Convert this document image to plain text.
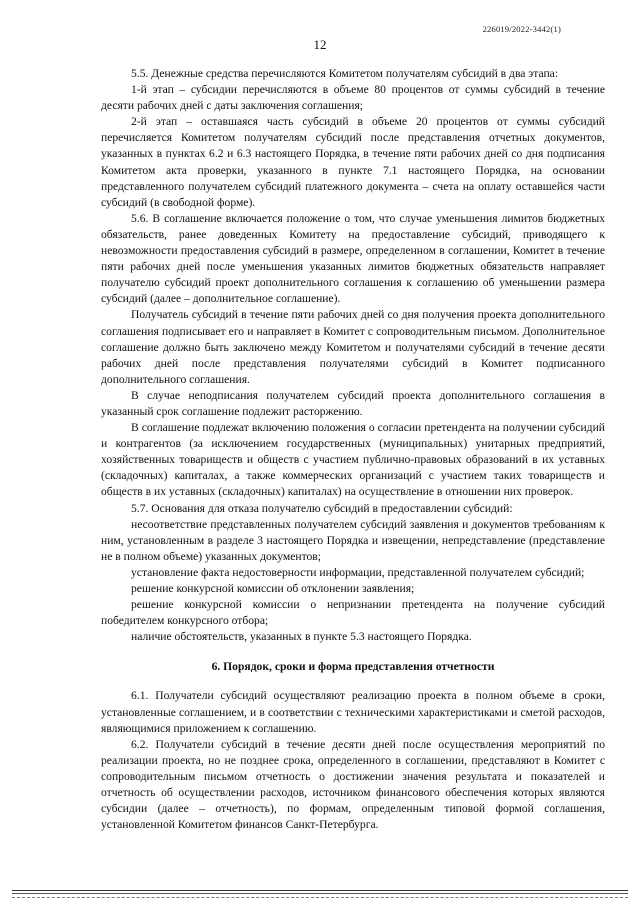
226019/2022-3442(1)
12

5.5. Денежные средства перечисляются Комитетом получателям субсидий в два этапа:

1-й этап – субсидии перечисляются в объеме 80 процентов от суммы субсидий в течение десяти рабочих дней с даты заключения соглашения;

2-й этап – оставшаяся часть субсидий в объеме 20 процентов от суммы субсидий перечисляется Комитетом получателям субсидий после представления отчетных документов, указанных в пунктах 6.2 и 6.3 настоящего Порядка, в течение пяти рабочих дней со дня подписания Комитетом акта проверки, указанного в пункте 7.1 настоящего Порядка, на основании представленного получателем субсидий платежного документа – счета на оплату оставшейся части субсидий (в свободной форме).

5.6. В соглашение включается положение о том, что случае уменьшения лимитов бюджетных обязательств, ранее доведенных Комитету на предоставление субсидий, приводящего к невозможности предоставления субсидий в размере, определенном в соглашении, Комитет в течение пяти рабочих дней после уменьшения указанных лимитов бюджетных обязательств направляет получателю субсидий проект дополнительного соглашения к соглашению об уменьшении размера субсидий (далее – дополнительное соглашение).

Получатель субсидий в течение пяти рабочих дней со дня получения проекта дополнительного соглашения подписывает его и направляет в Комитет с сопроводительным письмом. Дополнительное соглашение должно быть заключено между Комитетом и получателями субсидий в течение десяти рабочих дней после представления получателями субсидий в Комитет подписанного дополнительного соглашения.

В случае неподписания получателем субсидий проекта дополнительного соглашения в указанный срок соглашение подлежит расторжению.

В соглашение подлежат включению положения о согласии претендента на получении субсидий и контрагентов (за исключением государственных (муниципальных) унитарных предприятий, хозяйственных товариществ и обществ с участием публично-правовых образований в их уставных (складочных) капиталах, а также коммерческих организаций с участием таких товариществ и обществ в их уставных (складочных) капиталах) на осуществление в отношении них проверок.

5.7. Основания для отказа получателю субсидий в предоставлении субсидий:

несоответствие представленных получателем субсидий заявления и документов требованиям к ним, установленным в разделе 3 настоящего Порядка и извещении, непредставление (представление не в полном объеме) указанных документов;

установление факта недостоверности информации, представленной получателем субсидий;

решение конкурсной комиссии об отклонении заявления;

решение конкурсной комиссии о непризнании претендента на получение субсидий победителем конкурсного отбора;

наличие обстоятельств, указанных в пункте 5.3 настоящего Порядка.

6. Порядок, сроки и форма представления отчетности

6.1. Получатели субсидий осуществляют реализацию проекта в полном объеме в сроки, установленные соглашением, и в соответствии с техническими характеристиками и сметой расходов, являющимися приложением к соглашению.

6.2. Получатели субсидий в течение десяти дней после осуществления мероприятий по реализации проекта, но не позднее срока, определенного в соглашении, представляют в Комитет с сопроводительным письмом отчетность о достижении значения результата и показателей и отчетность об осуществлении расходов, источником финансового обеспечения которых являются субсидии (далее – отчетность), по формам, определенным типовой формой соглашения, установленной Комитетом финансов Санкт-Петербурга.
